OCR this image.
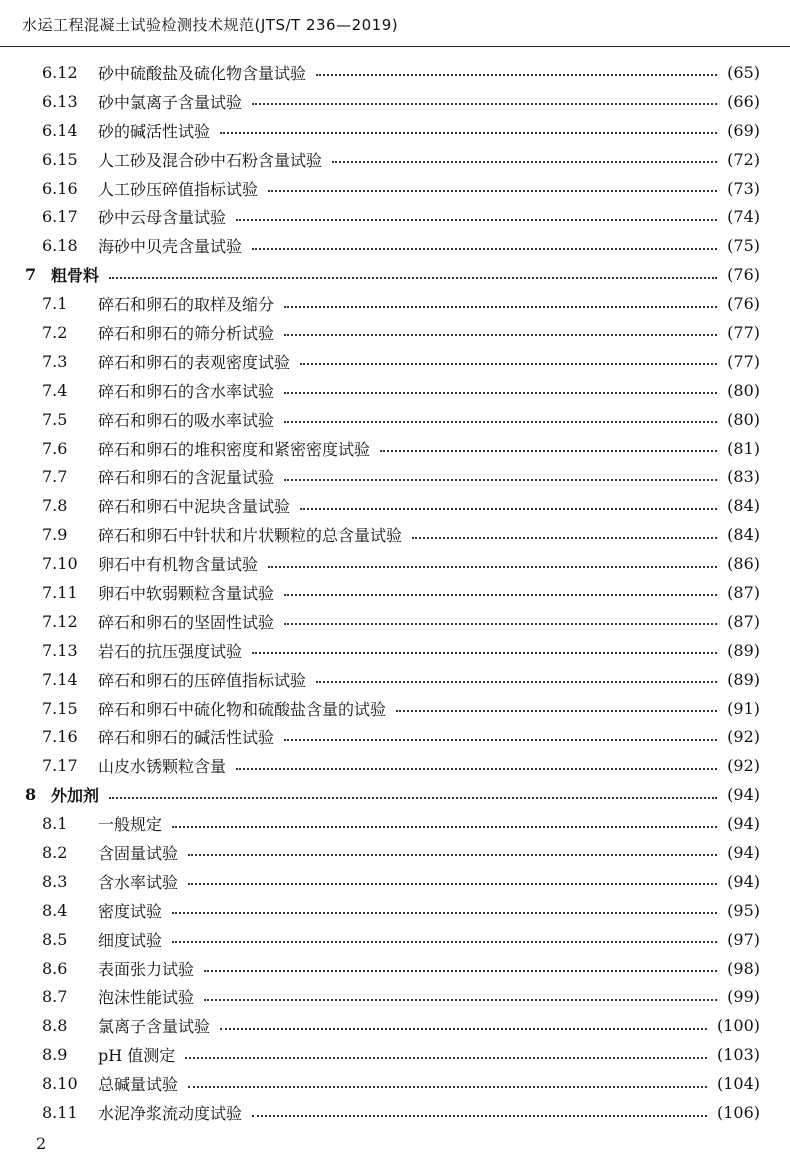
水运工程混凝土试验检测技术规范(JTS/T 236—2019)
6.12	砂中硫酸盐及硫化物含量试验	(65)
6.13	砂中氯离子含量试验	(66)
6.14	砂的碱活性试验	(69)
6.15	人工砂及混合砂中石粉含量试验	(72)
6.16	人工砂压碎值指标试验	(73)
6.17	砂中云母含量试验	(74)
6.18	海砂中贝壳含量试验	(75)
7 粗骨料	(76)
7.1	碎石和卵石的取样及缩分	(76)
7.2	碎石和卵石的筛分析试验	(77)
7.3	碎石和卵石的表观密度试验	(77)
7.4	碎石和卵石的含水率试验	(80)
7.5	碎石和卵石的吸水率试验	(80)
7.6	碎石和卵石的堆积密度和紧密密度试验	(81)
7.7	碎石和卵石的含泥量试验	(83)
7.8	碎石和卵石中泥块含量试验	(84)
7.9	碎石和卵石中针状和片状颗粒的总含量试验	(84)
7.10	卵石中有机物含量试验	(86)
7.11	卵石中软弱颗粒含量试验	(87)
7.12	碎石和卵石的坚固性试验	(87)
7.13	岩石的抗压强度试验	(89)
7.14	碎石和卵石的压碎值指标试验	(89)
7.15	碎石和卵石中硫化物和硫酸盐含量的试验	(91)
7.16	碎石和卵石的碱活性试验	(92)
7.17	山皮水锈颗粒含量	(92)
8 外加剂	(94)
8.1	一般规定	(94)
8.2	含固量试验	(94)
8.3	含水率试验	(94)
8.4	密度试验	(95)
8.5	细度试验	(97)
8.6	表面张力试验	(98)
8.7	泡沫性能试验	(99)
8.8	氯离子含量试验	(100)
8.9	pH 值测定	(103)
8.10	总碱量试验	(104)
8.11	水泥净浆流动度试验	(106)
2
